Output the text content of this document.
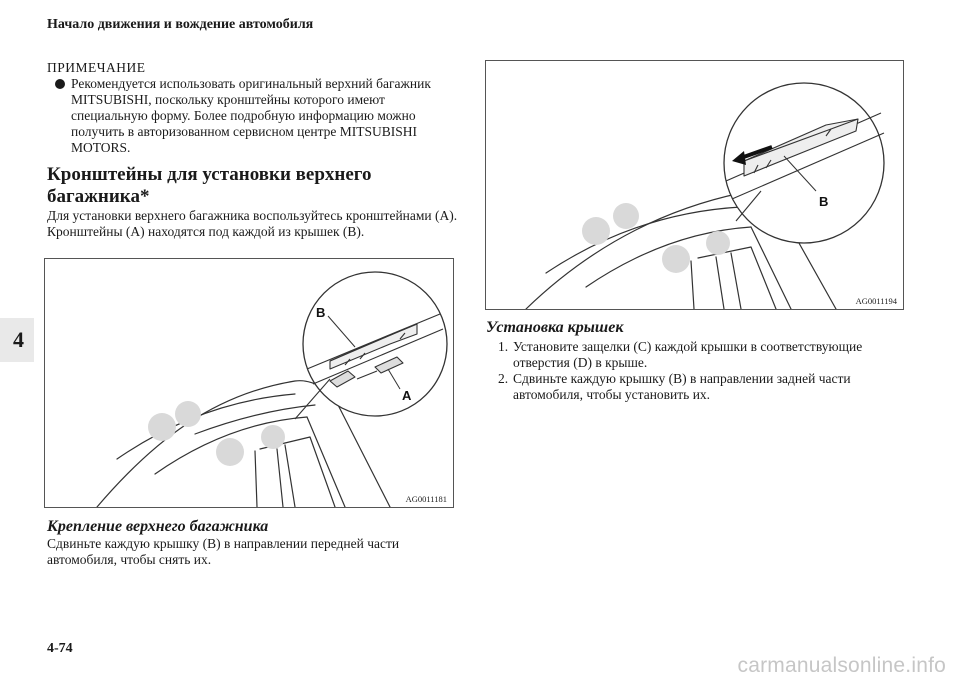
Начало движения и вождение автомобиля
4
ПРИМЕЧАНИЕ
Рекомендуется использовать оригинальный верхний багажник MITSUBISHI, поскольку кронштейны которого имеют специальную форму. Более подробную информацию можно получить в авторизованном сервисном центре MITSUBISHI MOTORS.
Кронштейны для установки верхнего багажника*
Для установки верхнего багажника воспользуйтесь кронштейнами (A).
Кронштейны (A) находятся под каждой из крышек (B).
B
A
AG0011181
Крепление верхнего багажника
Сдвиньте каждую крышку (B) в направлении передней части автомобиля, чтобы снять их.
B
AG0011194
Установка крышек
1. Установите защелки (C) каждой крышки в соответствующие отверстия (D) в крыше.
2. Сдвиньте каждую крышку (B) в направлении задней части автомобиля, чтобы установить их.
4-74
carmanualsonline.info
